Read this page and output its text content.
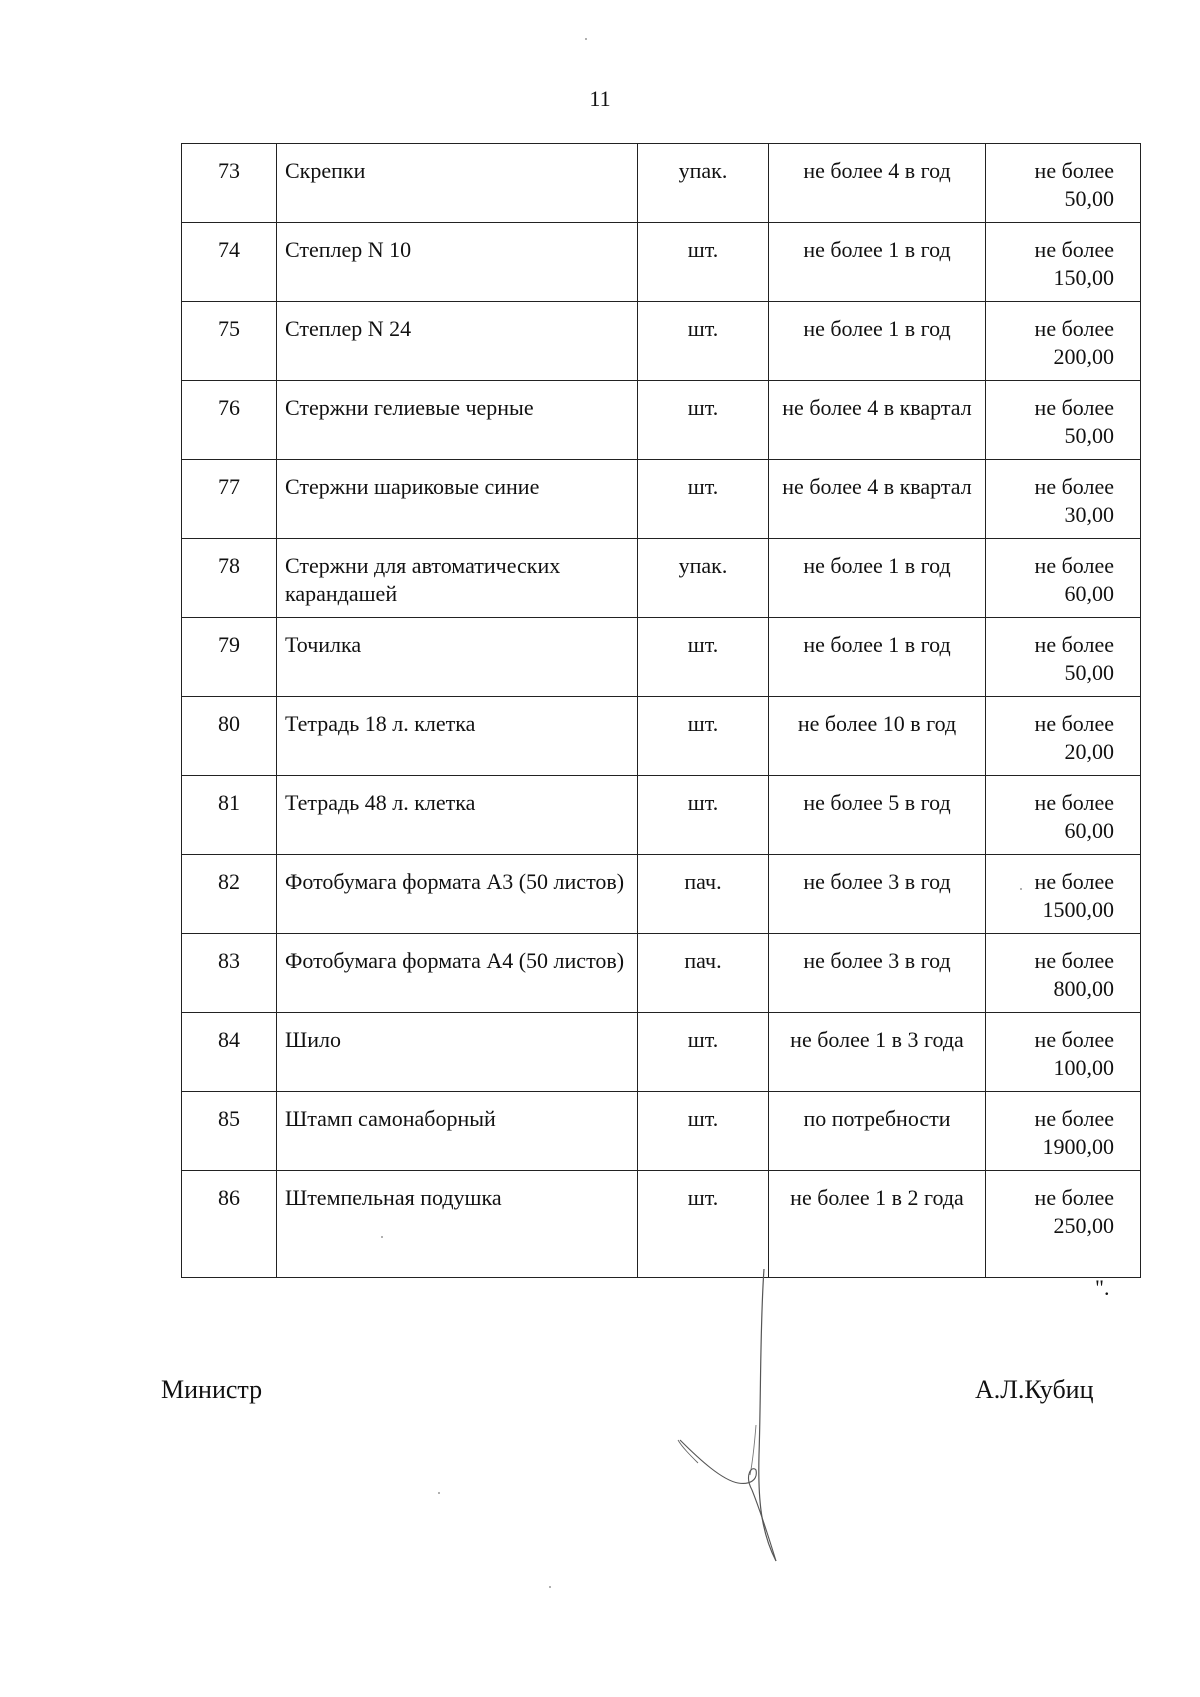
11
73	Скрепки	упак.	не более 4 в год	не более
50,00

74	Степлер N 10	шт.	не более 1 в год	не более
150,00

75	Степлер N 24	шт.	не более 1 в год	не более
200,00

76	Стержни гелиевые черные	шт.	не более 4 в квартал	не более
50,00

77	Стержни шариковые синие	шт.	не более 4 в квартал	не более
30,00

78	Стержни для автоматических карандашей	упак.	не более 1 в год	не более
60,00

79	Точилка	шт.	не более 1 в год	не более
50,00

80	Тетрадь 18 л. клетка	шт.	не более 10 в год	не более
20,00

81	Тетрадь 48 л. клетка	шт.	не более 5 в год	не более
60,00

82	Фотобумага формата А3 (50 листов)	пач.	не более 3 в год	не более
1500,00

83	Фотобумага формата А4 (50 листов)	пач.	не более 3 в год	не более
800,00

84	Шило	шт.	не более 1 в 3 года	не более
100,00

85	Штамп самонаборный	шт.	по потребности	не более
1900,00

86	Штемпельная подушка	шт.	не более 1 в 2 года	не более
250,00
".
Министр	А.Л.Кубиц
